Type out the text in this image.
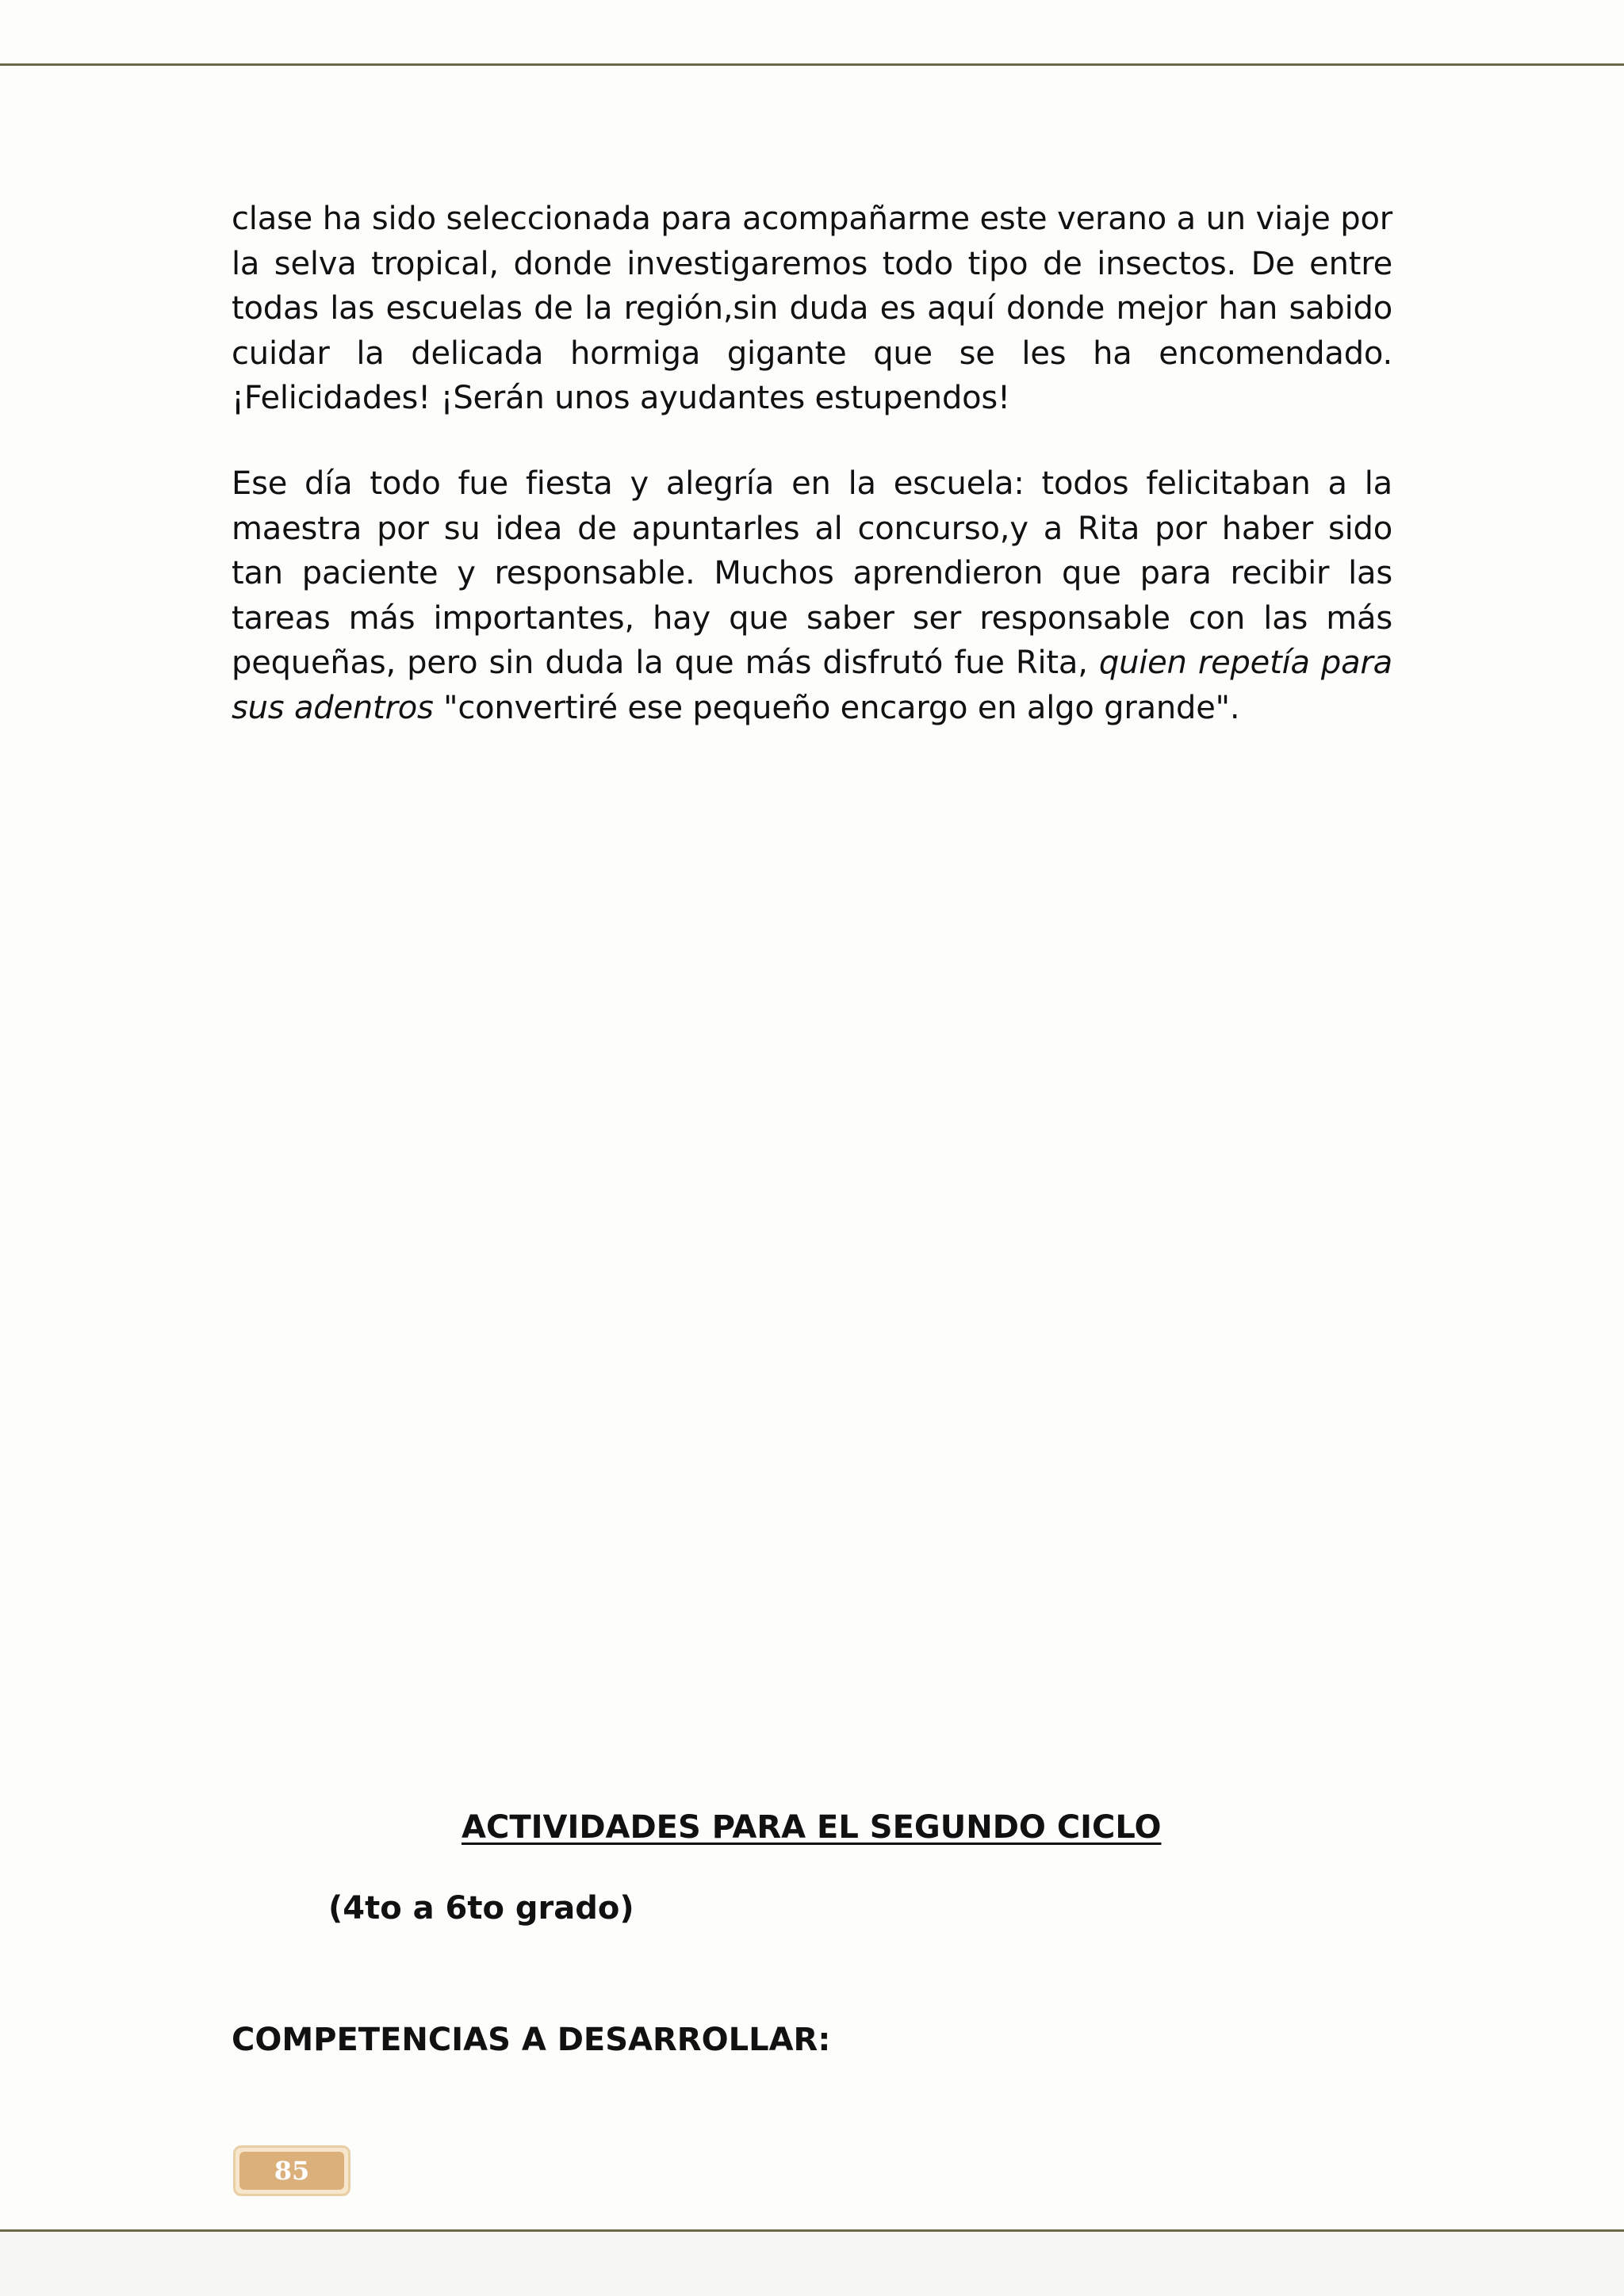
clase ha sido seleccionada para acompañarme este verano a un viaje por la selva tropical, donde investigaremos todo tipo de insectos. De entre todas las escuelas de la región,sin duda es aquí donde mejor han sabido cuidar la delicada hormiga gigante que se les ha encomendado. ¡Felicidades! ¡Serán unos ayudantes estupendos!

Ese día todo fue fiesta y alegría en la escuela: todos felicitaban a la maestra por su idea de apuntarles al concurso,y a Rita por haber sido tan paciente y responsable. Muchos aprendieron que para recibir las tareas más importantes, hay que saber ser responsable con las más pequeñas, pero sin duda la que más disfrutó fue Rita, quien repetía para sus adentros "convertiré ese pequeño encargo en algo grande".

ACTIVIDADES PARA EL SEGUNDO CICLO

(4to a 6to grado)

COMPETENCIAS A DESARROLLAR:

85
